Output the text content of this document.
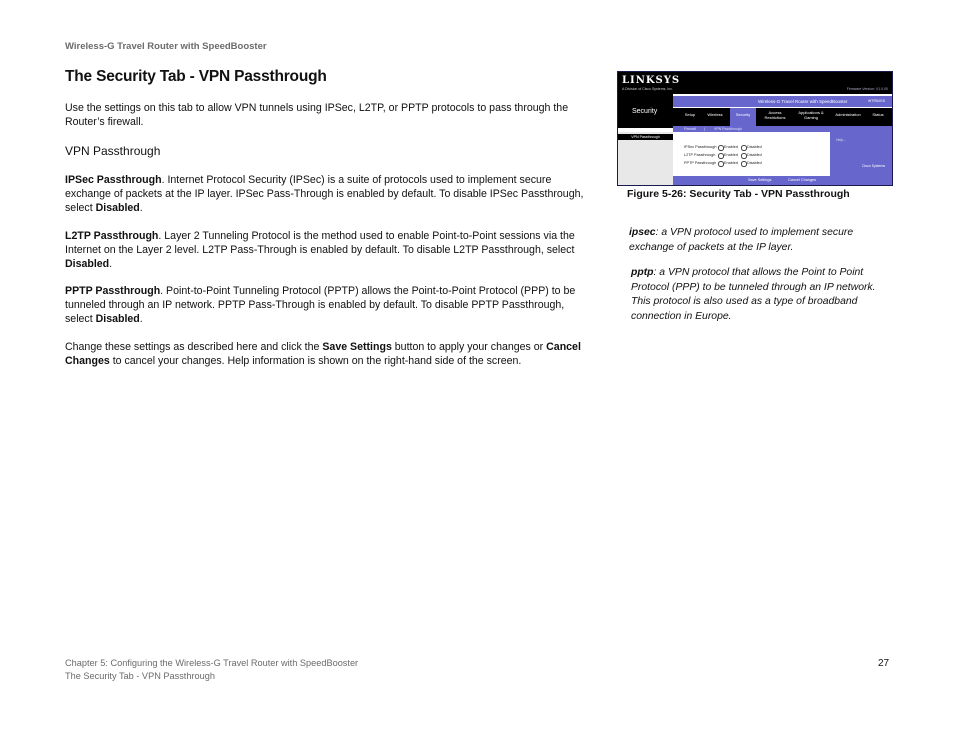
Wireless-G Travel Router with SpeedBooster
The Security Tab - VPN Passthrough
Use the settings on this tab to allow VPN tunnels using IPSec, L2TP, or PPTP protocols to pass through the Router’s firewall.
VPN Passthrough
IPSec Passthrough. Internet Protocol Security (IPSec) is a suite of protocols used to implement secure exchange of packets at the IP layer. IPSec Pass-Through is enabled by default. To disable IPSec Passthrough, select Disabled.
L2TP Passthrough. Layer 2 Tunneling Protocol is the method used to enable Point-to-Point sessions via the Internet on the Layer 2 level. L2TP Pass-Through is enabled by default. To disable L2TP Passthrough, select Disabled.
PPTP Passthrough. Point-to-Point Tunneling Protocol (PPTP) allows the Point-to-Point Protocol (PPP) to be tunneled through an IP network. PPTP Pass-Through is enabled by default. To disable PPTP Passthrough, select Disabled.
Change these settings as described here and click the Save Settings button to apply your changes or Cancel Changes to cancel your changes. Help information is shown on the right-hand side of the screen.
LINKSYS
A Division of Cisco Systems, Inc.	Firmware Version: V1.0.00
Security
Wireless-G Travel Router with SpeedBooster	WTR54GS
Setup	Wireless	Security	Access Restrictions
Applications & Gaming	Administration	Status
Firewall |	VPN Passthrough
VPN Passthrough
IPSec Passthrough Enabled Disabled
L2TP Passthrough Enabled Disabled
PPTP Passthrough Enabled Disabled
Help...
Cisco Systems
Save Settings	Cancel Changes
Figure 5-26: Security Tab - VPN Passthrough
ipsec: a VPN protocol used to implement secure exchange of packets at the IP layer.
pptp: a VPN protocol that allows the Point to Point Protocol (PPP) to be tunneled through an IP network. This protocol is also used as a type of broadband connection in Europe.
Chapter 5: Configuring the Wireless-G Travel Router with SpeedBooster
The Security Tab - VPN Passthrough
27
